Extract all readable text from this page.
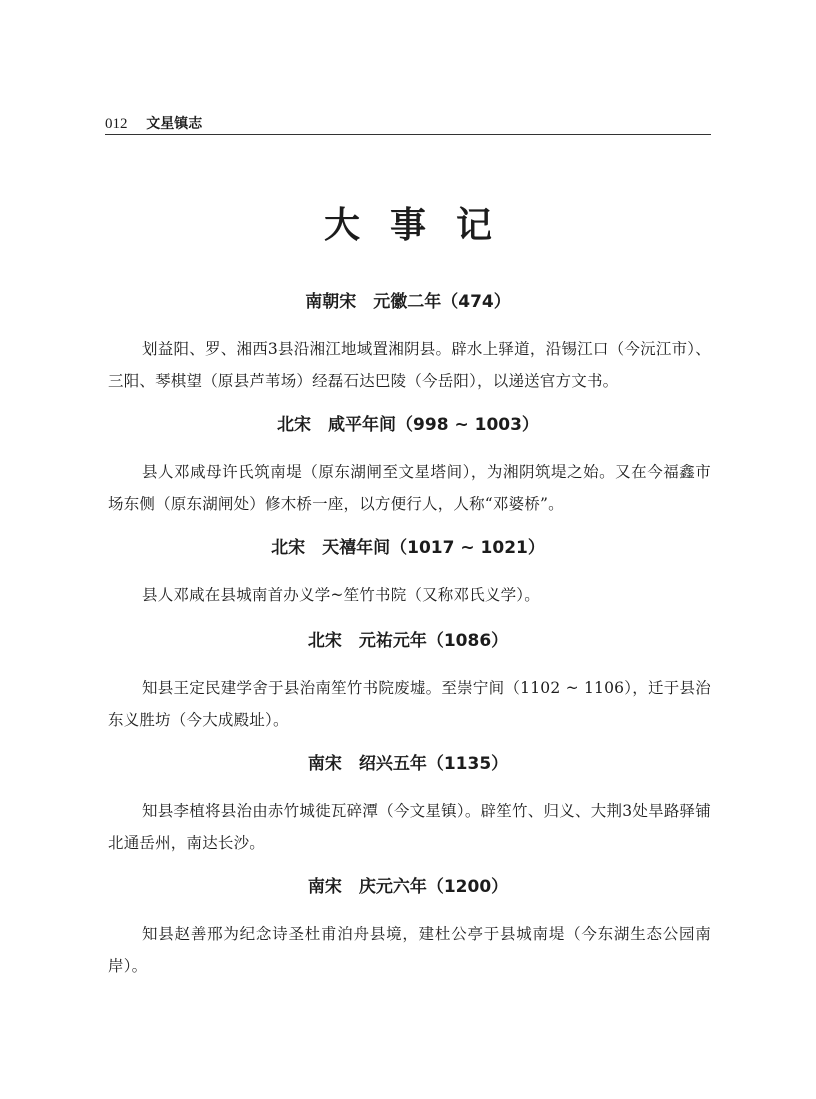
012 文星镇志
大事记
南朝宋　元徽二年（474）
划益阳、罗、湘西3县沿湘江地域置湘阴县。辟水上驿道，沿锡江口（今沅江市）、三阳、琴棋望（原县芦苇场）经磊石达巴陵（今岳阳），以递送官方文书。
北宋　咸平年间（998 ~ 1003）
县人邓咸母许氏筑南堤（原东湖闸至文星塔间），为湘阴筑堤之始。又在今福鑫市场东侧（原东湖闸处）修木桥一座，以方便行人，人称“邓婆桥”。
北宋　天禧年间（1017 ~ 1021）
县人邓咸在县城南首办义学~笙竹书院（又称邓氏义学）。
北宋　元祐元年（1086）
知县王定民建学舍于县治南笙竹书院废墟。至崇宁间（1102 ~ 1106），迁于县治东义胜坊（今大成殿址）。
南宋　绍兴五年（1135）
知县李植将县治由赤竹城徙瓦碎潭（今文星镇）。辟笙竹、归义、大荆3处旱路驿铺北通岳州，南达长沙。
南宋　庆元六年（1200）
知县赵善邢为纪念诗圣杜甫泊舟县境，建杜公亭于县城南堤（今东湖生态公园南岸）。
